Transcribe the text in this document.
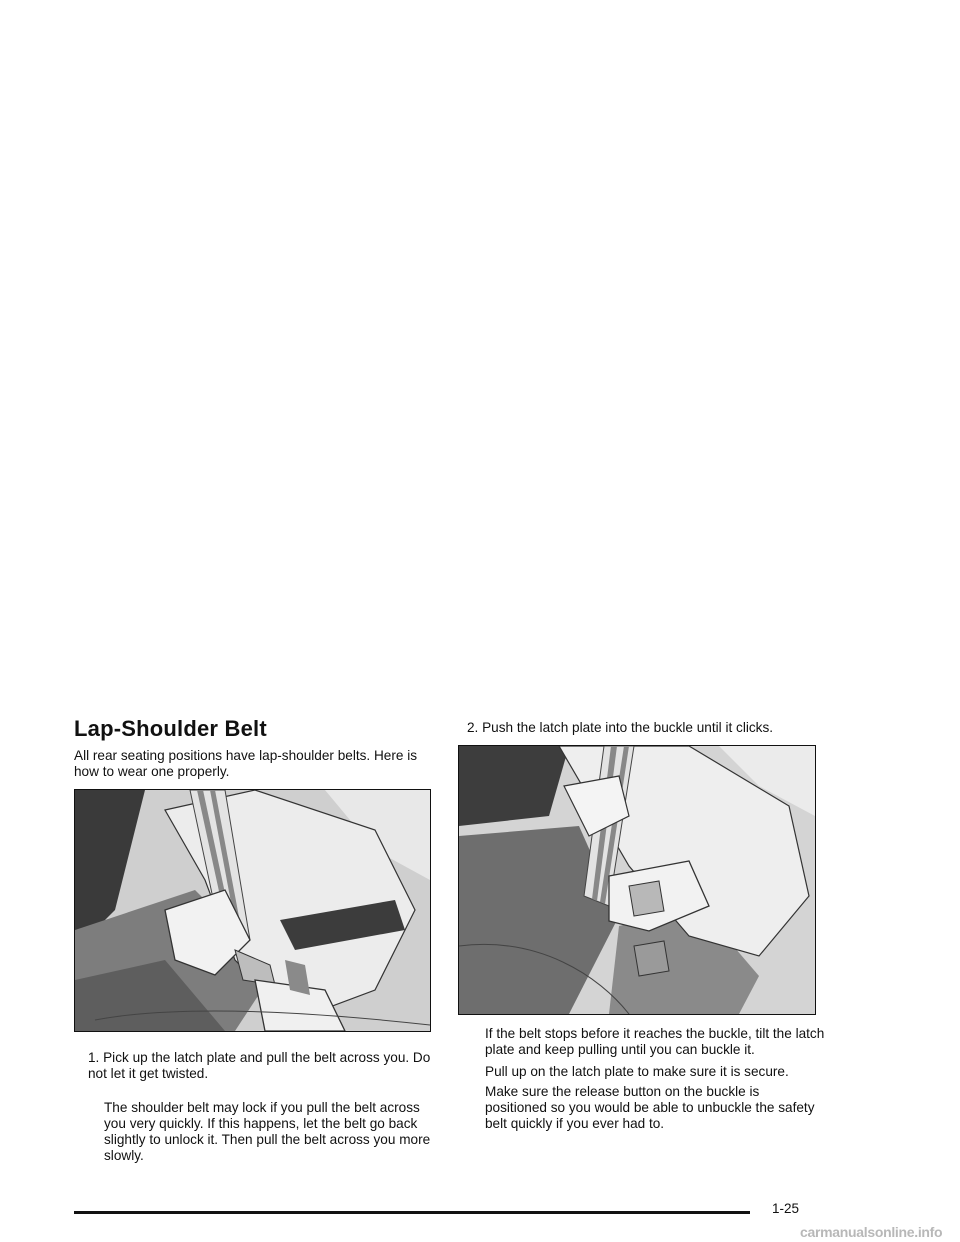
Lap-Shoulder Belt

All rear seating positions have lap-shoulder belts. Here is how to wear one properly.

1. Pick up the latch plate and pull the belt across you. Do not let it get twisted.

The shoulder belt may lock if you pull the belt across you very quickly. If this happens, let the belt go back slightly to unlock it. Then pull the belt across you more slowly.

2. Push the latch plate into the buckle until it clicks.

If the belt stops before it reaches the buckle, tilt the latch plate and keep pulling until you can buckle it.

Pull up on the latch plate to make sure it is secure.

Make sure the release button on the buckle is positioned so you would be able to unbuckle the safety belt quickly if you ever had to.

1-25

carmanualsonline.info
